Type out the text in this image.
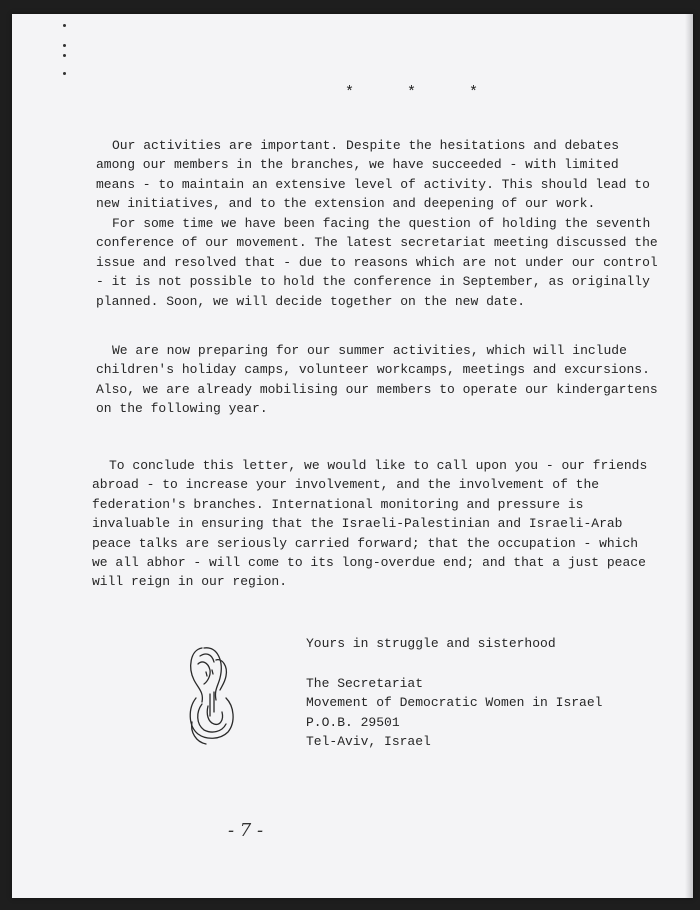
* * *

Our activities are important. Despite the hesitations and debates among our members in the branches, we have succeeded - with limited means - to maintain an extensive level of activity. This should lead to new initiatives, and to the extension and deepening of our work.

For some time we have been facing the question of holding the seventh conference of our movement. The latest secretariat meeting discussed the issue and resolved that - due to reasons which are not under our control - it is not possible to hold the conference in September, as originally planned. Soon, we will decide together on the new date.

We are now preparing for our summer activities, which will include children's holiday camps, volunteer workcamps, meetings and excursions. Also, we are already mobilising our members to operate our kindergartens on the following year.

To conclude this letter, we would like to call upon you - our friends abroad - to increase your involvement, and the involvement of the federation's branches. International monitoring and pressure is invaluable in ensuring that the Israeli-Palestinian and Israeli-Arab peace talks are seriously carried forward; that the occupation - which we all abhor - will come to its long-overdue end; and that a just peace will reign in our region.

Yours in struggle and sisterhood
The Secretariat
Movement of Democratic Women in Israel
P.O.B. 29501
Tel-Aviv, Israel
- 7 -
